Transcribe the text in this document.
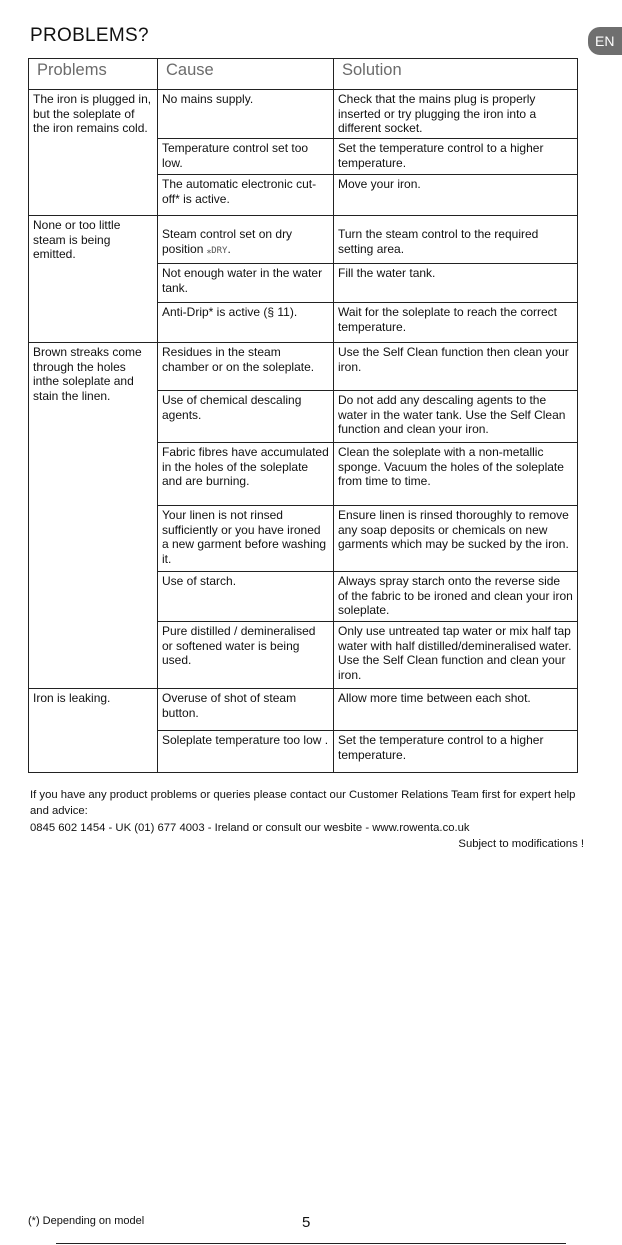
PROBLEMS?	EN
Problems	Cause	Solution
The iron is plugged in, but the soleplate of the iron remains cold.	No mains supply.	Check that the mains plug is properly inserted or try plugging the iron into a different socket.
	Temperature control set too low.	Set the temperature control to a higher temperature.
	The automatic electronic cut-off* is active.	Move your iron.
None or too little steam is being emitted.	Steam control set on dry position ⁎DRY.	Turn the steam control to the required setting area.
	Not enough water in the water tank.	Fill the water tank.
	Anti-Drip* is active (§ 11).	Wait for the soleplate to reach the correct temperature.
Brown streaks come through the holes inthe soleplate and stain the linen.	Residues in the steam chamber or on the soleplate.	Use the Self Clean function then clean your iron.
	Use of chemical descaling agents.	Do not add any descaling agents to the water in the water tank. Use the Self Clean function and clean your iron.
	Fabric fibres have accumulated in the holes of the soleplate and are burning.	Clean the soleplate with a non-metallic sponge. Vacuum the holes of the soleplate from time to time.
	Your linen is not rinsed sufficiently or you have ironed a new garment before washing it.	Ensure linen is rinsed thoroughly to remove any soap deposits or chemicals on new garments which may be sucked by the iron.
	Use of starch.	Always spray starch onto the reverse side of the fabric to be ironed and clean your iron soleplate.
	Pure distilled / demineralised or softened water is being used.	Only use untreated tap water or mix half tap water with half distilled/demineralised water. Use the Self Clean function and clean your iron.
Iron is leaking.	Overuse of shot of steam button.	Allow more time between each shot.
	Soleplate temperature too low .	Set the temperature control to a higher temperature.

If you have any product problems or queries please contact our Customer Relations Team first for expert help and advice:

0845 602 1454 - UK (01) 677 4003 - Ireland or consult our wesbite - www.rowenta.co.uk

Subject to modifications !
(*) Depending on model	5
